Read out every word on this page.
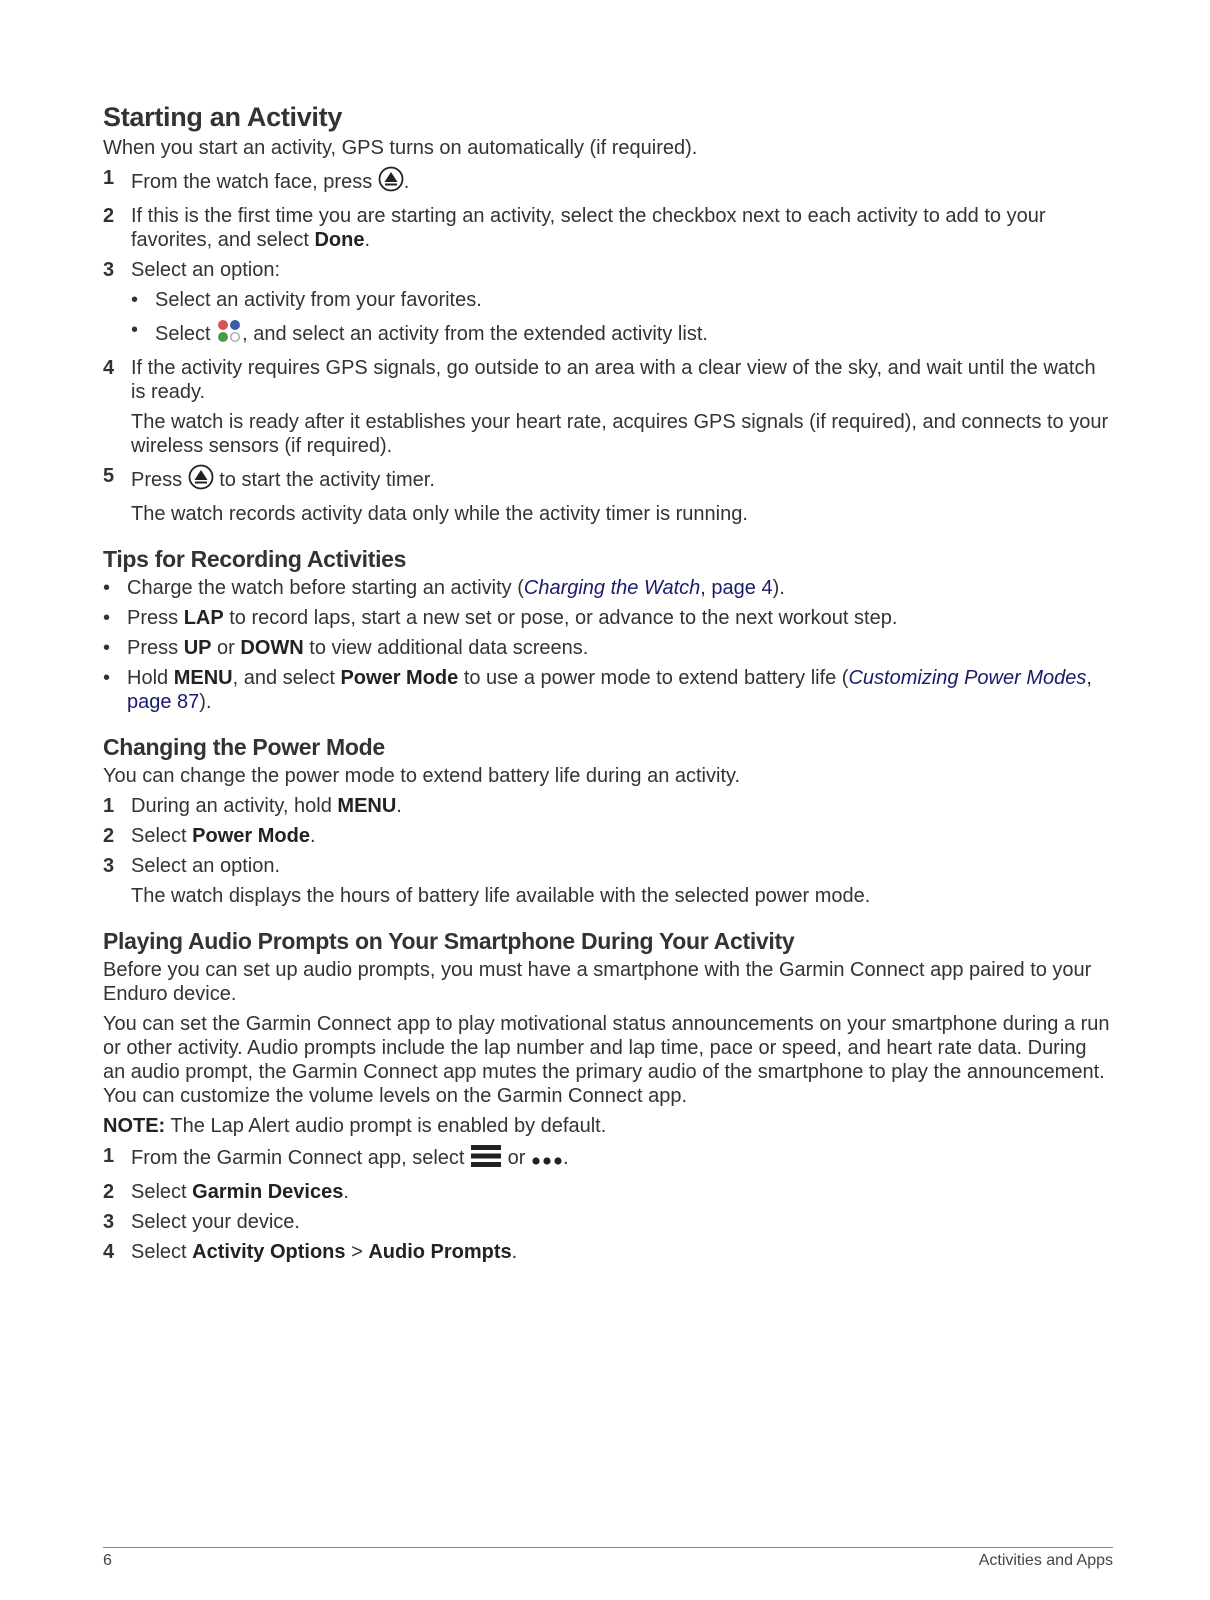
Starting an Activity

When you start an activity, GPS turns on automatically (if required).

1 From the watch face, press .
2 If this is the first time you are starting an activity, select the checkbox next to each activity to add to your favorites, and select Done.
3 Select an option:
• Select an activity from your favorites.
• Select , and select an activity from the extended activity list.
4 If the activity requires GPS signals, go outside to an area with a clear view of the sky, and wait until the watch is ready.
The watch is ready after it establishes your heart rate, acquires GPS signals (if required), and connects to your wireless sensors (if required).
5 Press to start the activity timer.
The watch records activity data only while the activity timer is running.
Tips for Recording Activities
• Charge the watch before starting an activity (Charging the Watch, page 4).
• Press LAP to record laps, start a new set or pose, or advance to the next workout step.
• Press UP or DOWN to view additional data screens.
• Hold MENU, and select Power Mode to use a power mode to extend battery life (Customizing Power Modes, page 87).
Changing the Power Mode

You can change the power mode to extend battery life during an activity.

1 During an activity, hold MENU.
2 Select Power Mode.
3 Select an option.
The watch displays the hours of battery life available with the selected power mode.
Playing Audio Prompts on Your Smartphone During Your Activity

Before you can set up audio prompts, you must have a smartphone with the Garmin Connect app paired to your Enduro device.

You can set the Garmin Connect app to play motivational status announcements on your smartphone during a run or other activity. Audio prompts include the lap number and lap time, pace or speed, and heart rate data. During an audio prompt, the Garmin Connect app mutes the primary audio of the smartphone to play the announcement. You can customize the volume levels on the Garmin Connect app.

NOTE: The Lap Alert audio prompt is enabled by default.

1 From the Garmin Connect app, select or .
2 Select Garmin Devices.
3 Select your device.
4 Select Activity Options > Audio Prompts.
6	Activities and Apps
